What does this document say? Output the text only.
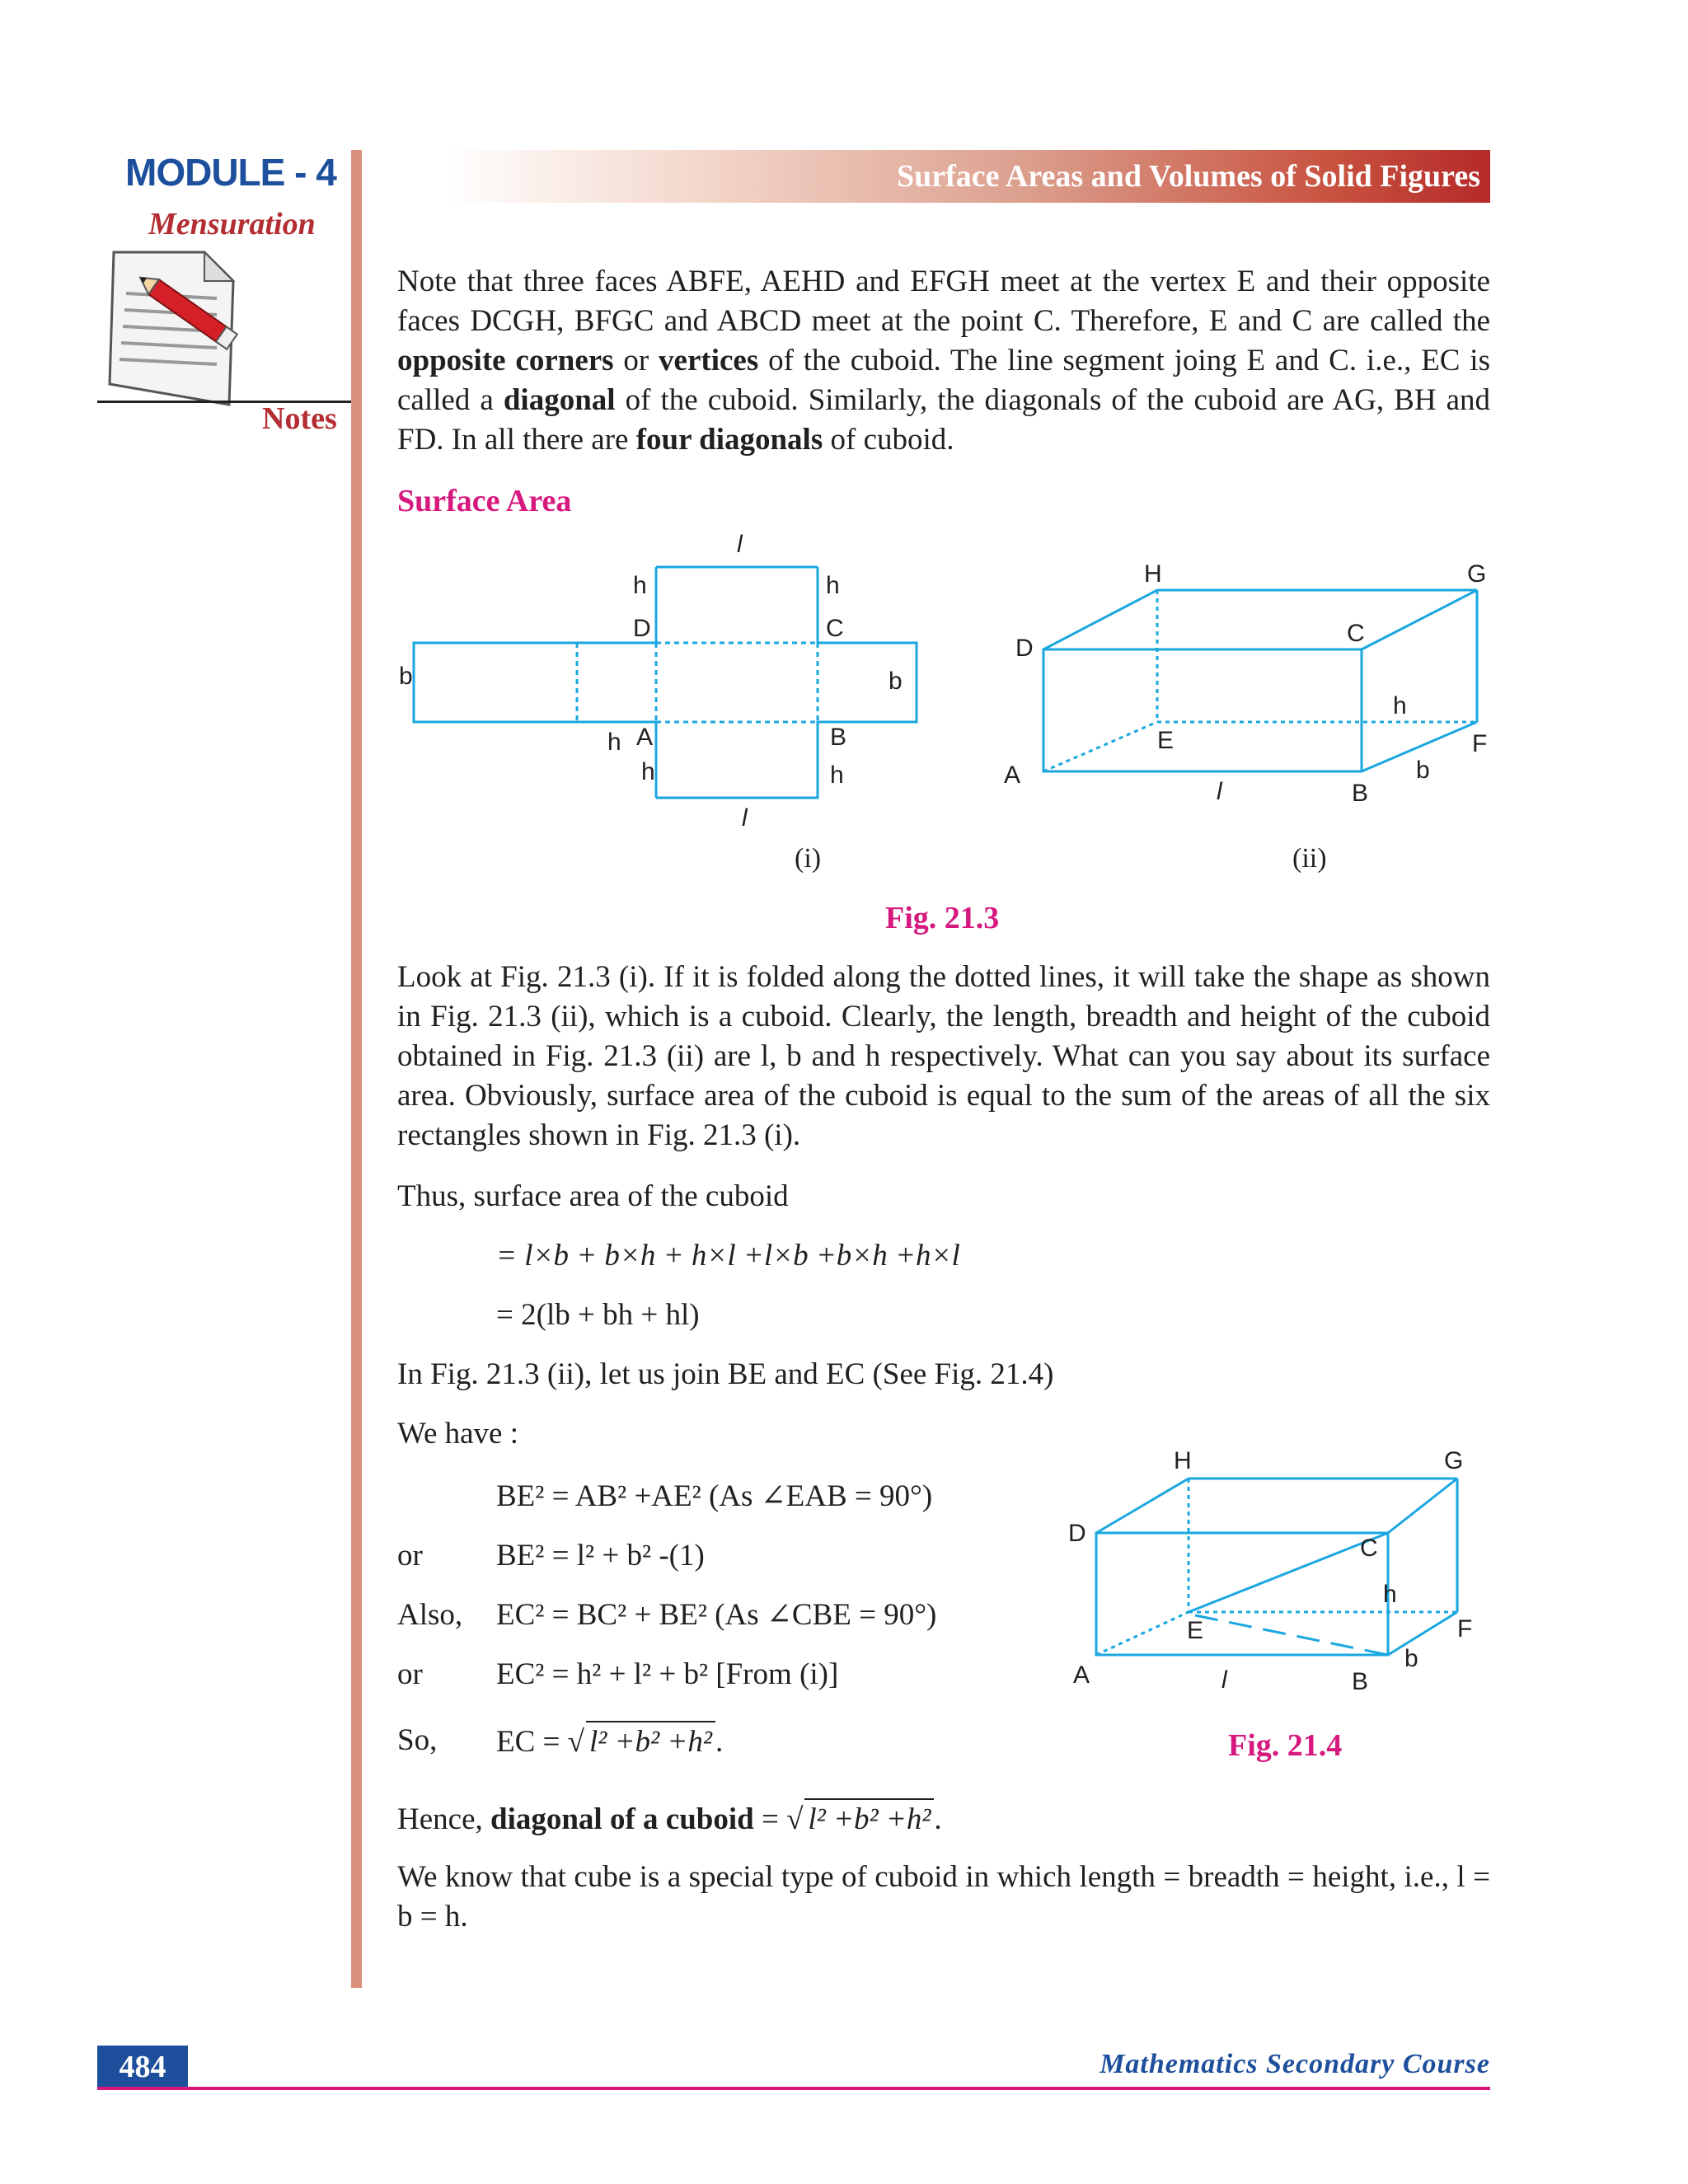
MODULE - 4
Mensuration
Notes
Surface Areas and Volumes of Solid Figures
Note that three faces ABFE, AEHD and EFGH meet at the vertex E and their opposite faces DCGH, BFGC and ABCD meet at the point C. Therefore, E and C are called the opposite corners or vertices of the cuboid. The line segment joing E and C. i.e., EC is called a diagonal of the cuboid. Similarly, the diagonals of the cuboid are AG, BH and FD. In all there are four diagonals of cuboid.
Surface Area
l
h	h
D	C
b	b
h A	B
h	h
l
(i)
H	G
D
C
h
E	F
A	b
l	B
(ii)
Fig. 21.3
Look at Fig. 21.3 (i). If it is folded along the dotted lines, it will take the shape as shown in Fig. 21.3 (ii), which is a cuboid. Clearly, the length, breadth and height of the cuboid obtained in Fig. 21.3 (ii) are l, b and h respectively. What can you say about its surface area. Obviously, surface area of the cuboid is equal to the sum of the areas of all the six rectangles shown in Fig. 21.3 (i).
Thus, surface area of the cuboid
= l×b + b×h + h×l +l×b +b×h +h×l
= 2(lb + bh + hl)
In Fig. 21.3 (ii), let us join BE and EC (See Fig. 21.4)
We have :
BE² = AB² +AE² (As ∠EAB = 90°)
or BE² = l² + b² -(1)
Also, EC² = BC² + BE² (As ∠CBE = 90°)
or EC² = h² + l² + b² [From (i)]
So, EC = √ l² +b² +h² .
H	G
D
C
h
E	F
A
b
l	B
Fig. 21.4
Hence, diagonal of a cuboid = √ l² +b² +h² .
We know that cube is a special type of cuboid in which length = breadth = height, i.e., l = b = h.
484	Mathematics Secondary Course
